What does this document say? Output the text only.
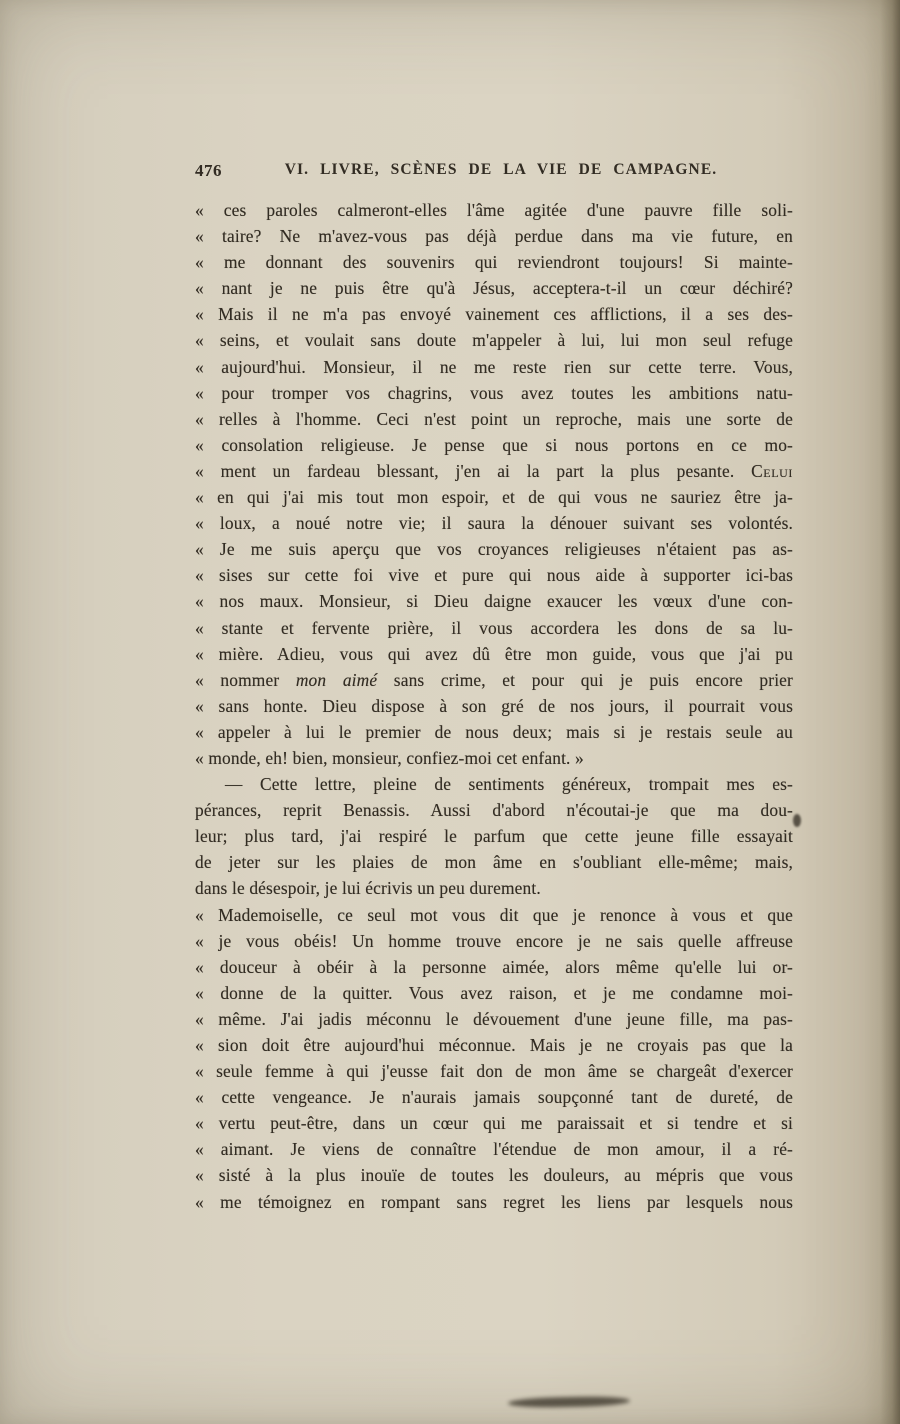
476	VI. LIVRE, SCÈNES DE LA VIE DE CAMPAGNE.
« ces paroles calmeront-elles l'âme agitée d'une pauvre fille soli-
« taire? Ne m'avez-vous pas déjà perdue dans ma vie future, en
« me donnant des souvenirs qui reviendront toujours! Si mainte-
« nant je ne puis être qu'à Jésus, acceptera-t-il un cœur déchiré?
« Mais il ne m'a pas envoyé vainement ces afflictions, il a ses des-
« seins, et voulait sans doute m'appeler à lui, lui mon seul refuge
« aujourd'hui. Monsieur, il ne me reste rien sur cette terre. Vous,
« pour tromper vos chagrins, vous avez toutes les ambitions natu-
« relles à l'homme. Ceci n'est point un reproche, mais une sorte de
« consolation religieuse. Je pense que si nous portons en ce mo-
« ment un fardeau blessant, j'en ai la part la plus pesante. Celui
« en qui j'ai mis tout mon espoir, et de qui vous ne sauriez être ja-
« loux, a noué notre vie; il saura la dénouer suivant ses volontés.
« Je me suis aperçu que vos croyances religieuses n'étaient pas as-
« sises sur cette foi vive et pure qui nous aide à supporter ici-bas
« nos maux. Monsieur, si Dieu daigne exaucer les vœux d'une con-
« stante et fervente prière, il vous accordera les dons de sa lu-
« mière. Adieu, vous qui avez dû être mon guide, vous que j'ai pu
« nommer mon aimé sans crime, et pour qui je puis encore prier
« sans honte. Dieu dispose à son gré de nos jours, il pourrait vous
« appeler à lui le premier de nous deux; mais si je restais seule au
« monde, eh! bien, monsieur, confiez-moi cet enfant. »
— Cette lettre, pleine de sentiments généreux, trompait mes es-
pérances, reprit Benassis. Aussi d'abord n'écoutai-je que ma dou-
leur; plus tard, j'ai respiré le parfum que cette jeune fille essayait
de jeter sur les plaies de mon âme en s'oubliant elle-même; mais,
dans le désespoir, je lui écrivis un peu durement.
« Mademoiselle, ce seul mot vous dit que je renonce à vous et que
« je vous obéis! Un homme trouve encore je ne sais quelle affreuse
« douceur à obéir à la personne aimée, alors même qu'elle lui or-
« donne de la quitter. Vous avez raison, et je me condamne moi-
« même. J'ai jadis méconnu le dévouement d'une jeune fille, ma pas-
« sion doit être aujourd'hui méconnue. Mais je ne croyais pas que la
« seule femme à qui j'eusse fait don de mon âme se chargeât d'exercer
« cette vengeance. Je n'aurais jamais soupçonné tant de dureté, de
« vertu peut-être, dans un cœur qui me paraissait et si tendre et si
« aimant. Je viens de connaître l'étendue de mon amour, il a ré-
« sisté à la plus inouïe de toutes les douleurs, au mépris que vous
« me témoignez en rompant sans regret les liens par lesquels nous
